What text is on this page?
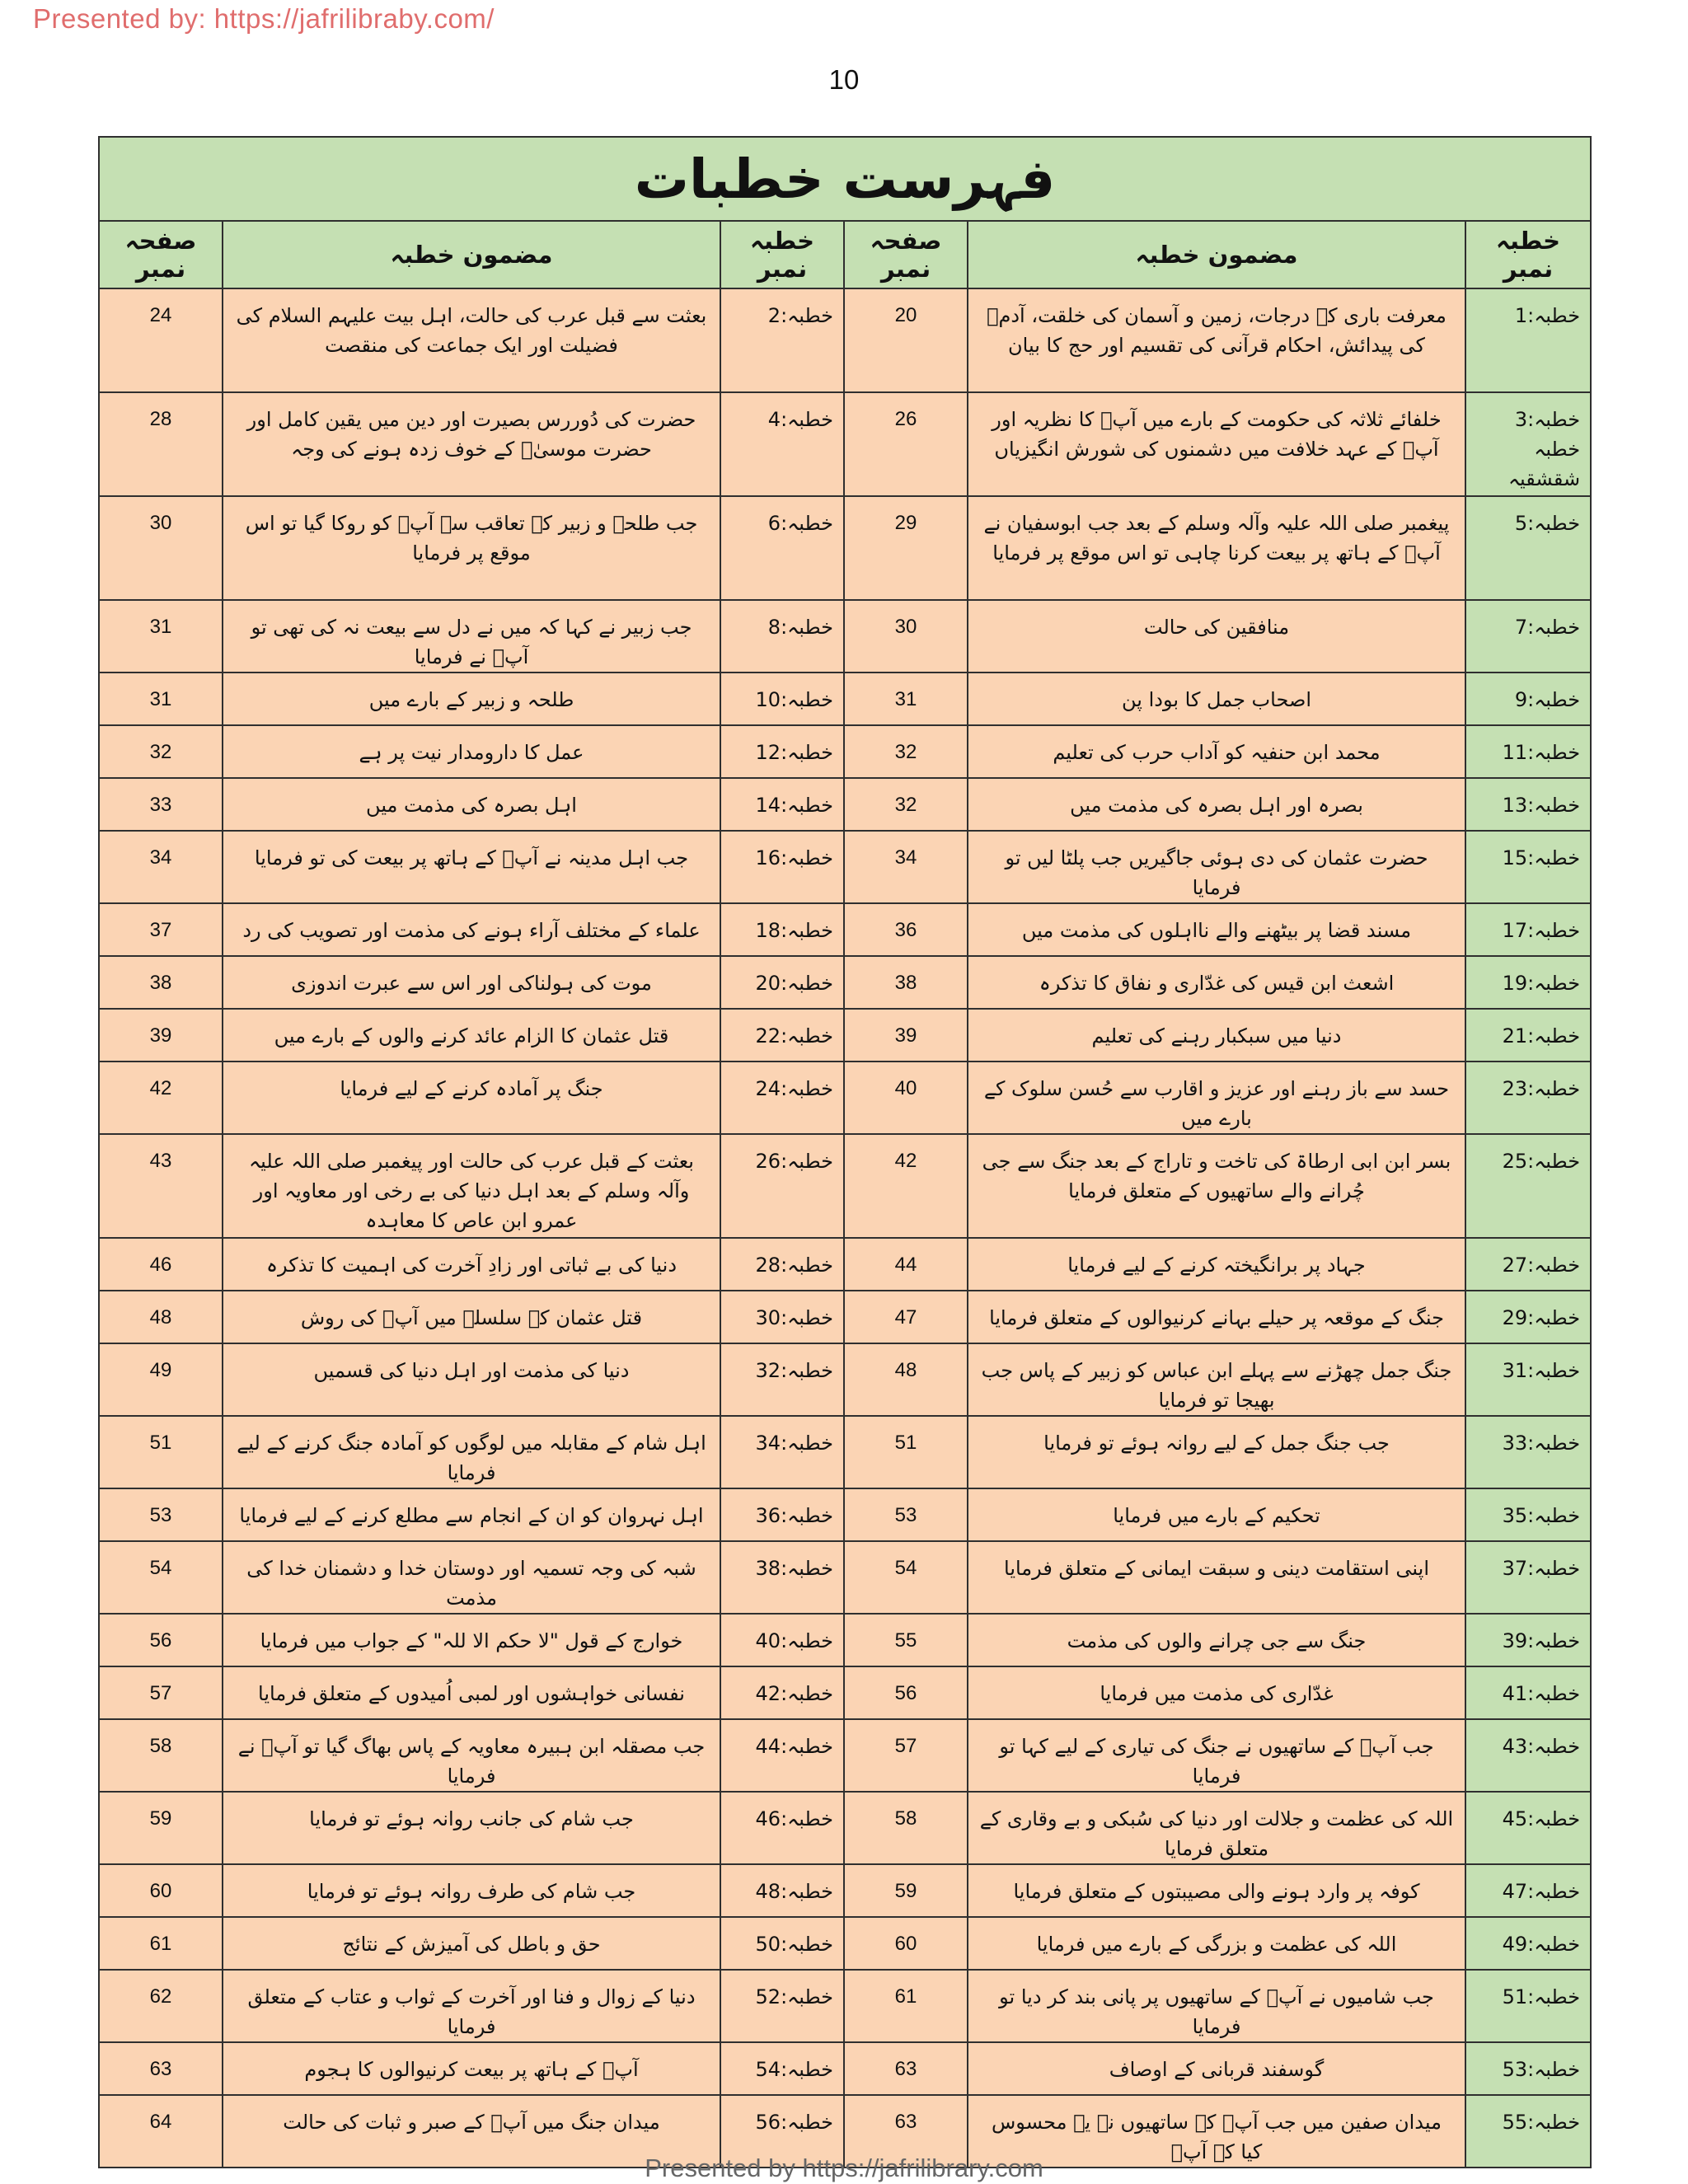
Presented by: https://jafrilibraby.com/
10
فہرست خطبات					
صفحہ نمبر	مضمون خطبہ	خطبہ نمبر	صفحہ نمبر	مضمون خطبہ	خطبہ نمبر
24	بعثت سے قبل عرب کی حالت، اہل بیت علیہم السلام کی فضیلت اور ایک جماعت کی منقصت	خطبہ:2	20	معرفت باری کے درجات، زمین و آسمان کی خلقت، آدمؑ کی پیدائش، احکام قرآنی کی تقسیم اور حج کا بیان	خطبہ:1
28	حضرت کی دُوررس بصیرت اور دین میں یقین کامل اور حضرت موسیٰؑ کے خوف زدہ ہونے کی وجہ	خطبہ:4	26	خلفائے ثلاثہ کی حکومت کے بارے میں آپؑ کا نظریہ اور آپؑ کے عہد خلافت میں دشمنوں کی شورش انگیزیاں	خطبہ:3 خطبہ شقشقیہ
30	جب طلحہ و زبیر کے تعاقب سے آپؑ کو روکا گیا تو اس موقع پر فرمایا	خطبہ:6	29	پیغمبر صلی اللہ علیہ وآلہ وسلم کے بعد جب ابوسفیان نے آپؑ کے ہاتھ پر بیعت کرنا چاہی تو اس موقع پر فرمایا	خطبہ:5
31	جب زبیر نے کہا کہ میں نے دل سے بیعت نہ کی تھی تو آپؑ نے فرمایا	خطبہ:8	30	منافقین کی حالت	خطبہ:7
31	طلحہ و زبیر کے بارے میں	خطبہ:10	31	اصحاب جمل کا بودا پن	خطبہ:9
32	عمل کا دارومدار نیت پر ہے	خطبہ:12	32	محمد ابن حنفیہ کو آداب حرب کی تعلیم	خطبہ:11
33	اہل بصرہ کی مذمت میں	خطبہ:14	32	بصرہ اور اہل بصرہ کی مذمت میں	خطبہ:13
34	جب اہل مدینہ نے آپؑ کے ہاتھ پر بیعت کی تو فرمایا	خطبہ:16	34	حضرت عثمان کی دی ہوئی جاگیریں جب پلٹا لیں تو فرمایا	خطبہ:15
37	علماء کے مختلف آراء ہونے کی مذمت اور تصویب کی رد	خطبہ:18	36	مسند قضا پر بیٹھنے والے نااہلوں کی مذمت میں	خطبہ:17
38	موت کی ہولناکی اور اس سے عبرت اندوزی	خطبہ:20	38	اشعث ابن قیس کی غدّاری و نفاق کا تذکرہ	خطبہ:19
39	قتل عثمان کا الزام عائد کرنے والوں کے بارے میں	خطبہ:22	39	دنیا میں سبکبار رہنے کی تعلیم	خطبہ:21
42	جنگ پر آمادہ کرنے کے لیے فرمایا	خطبہ:24	40	حسد سے باز رہنے اور عزیز و اقارب سے حُسن سلوک کے بارے میں	خطبہ:23
43	بعثت کے قبل عرب کی حالت اور پیغمبر صلی اللہ علیہ وآلہ وسلم کے بعد اہل دنیا کی بے رخی اور معاویہ اور عمرو ابن عاص کا معاہدہ	خطبہ:26	42	بسر ابن ابی ارطاۃ کی تاخت و تاراج کے بعد جنگ سے جی چُرانے والے ساتھیوں کے متعلق فرمایا	خطبہ:25
46	دنیا کی بے ثباتی اور زادِ آخرت کی اہمیت کا تذکرہ	خطبہ:28	44	جہاد پر برانگیختہ کرنے کے لیے فرمایا	خطبہ:27
48	قتل عثمان کے سلسلہ میں آپؑ کی روش	خطبہ:30	47	جنگ کے موقعہ پر حیلے بہانے کرنیوالوں کے متعلق فرمایا	خطبہ:29
49	دنیا کی مذمت اور اہل دنیا کی قسمیں	خطبہ:32	48	جنگ جمل چھڑنے سے پہلے ابن عباس کو زبیر کے پاس جب بھیجا تو فرمایا	خطبہ:31
51	اہل شام کے مقابلہ میں لوگوں کو آمادہ جنگ کرنے کے لیے فرمایا	خطبہ:34	51	جب جنگ جمل کے لیے روانہ ہوئے تو فرمایا	خطبہ:33
53	اہل نہروان کو ان کے انجام سے مطلع کرنے کے لیے فرمایا	خطبہ:36	53	تحکیم کے بارے میں فرمایا	خطبہ:35
54	شبہ کی وجہ تسمیہ اور دوستان خدا و دشمنان خدا کی مذمت	خطبہ:38	54	اپنی استقامت دینی و سبقت ایمانی کے متعلق فرمایا	خطبہ:37
56	خوارج کے قول "لا حکم الا للہ" کے جواب میں فرمایا	خطبہ:40	55	جنگ سے جی چرانے والوں کی مذمت	خطبہ:39
57	نفسانی خواہشوں اور لمبی اُمیدوں کے متعلق فرمایا	خطبہ:42	56	غدّاری کی مذمت میں فرمایا	خطبہ:41
58	جب مصقلہ ابن ہبیرہ معاویہ کے پاس بھاگ گیا تو آپؑ نے فرمایا	خطبہ:44	57	جب آپؑ کے ساتھیوں نے جنگ کی تیاری کے لیے کہا تو فرمایا	خطبہ:43
59	جب شام کی جانب روانہ ہوئے تو فرمایا	خطبہ:46	58	اللہ کی عظمت و جلالت اور دنیا کی سُبکی و بے وقاری کے متعلق فرمایا	خطبہ:45
60	جب شام کی طرف روانہ ہوئے تو فرمایا	خطبہ:48	59	کوفہ پر وارد ہونے والی مصیبتوں کے متعلق فرمایا	خطبہ:47
61	حق و باطل کی آمیزش کے نتائج	خطبہ:50	60	اللہ کی عظمت و بزرگی کے بارے میں فرمایا	خطبہ:49
62	دنیا کے زوال و فنا اور آخرت کے ثواب و عتاب کے متعلق فرمایا	خطبہ:52	61	جب شامیوں نے آپؑ کے ساتھیوں پر پانی بند کر دیا تو فرمایا	خطبہ:51
63	آپؑ کے ہاتھ پر بیعت کرنیوالوں کا ہجوم	خطبہ:54	63	گوسفند قربانی کے اوصاف	خطبہ:53
64	میدان جنگ میں آپؑ کے صبر و ثبات کی حالت	خطبہ:56	63	میدان صفین میں جب آپؑ کے ساتھیوں نے یہ محسوس کیا کہ آپؑ	خطبہ:55
Presented by https://jafrilibrary.com
